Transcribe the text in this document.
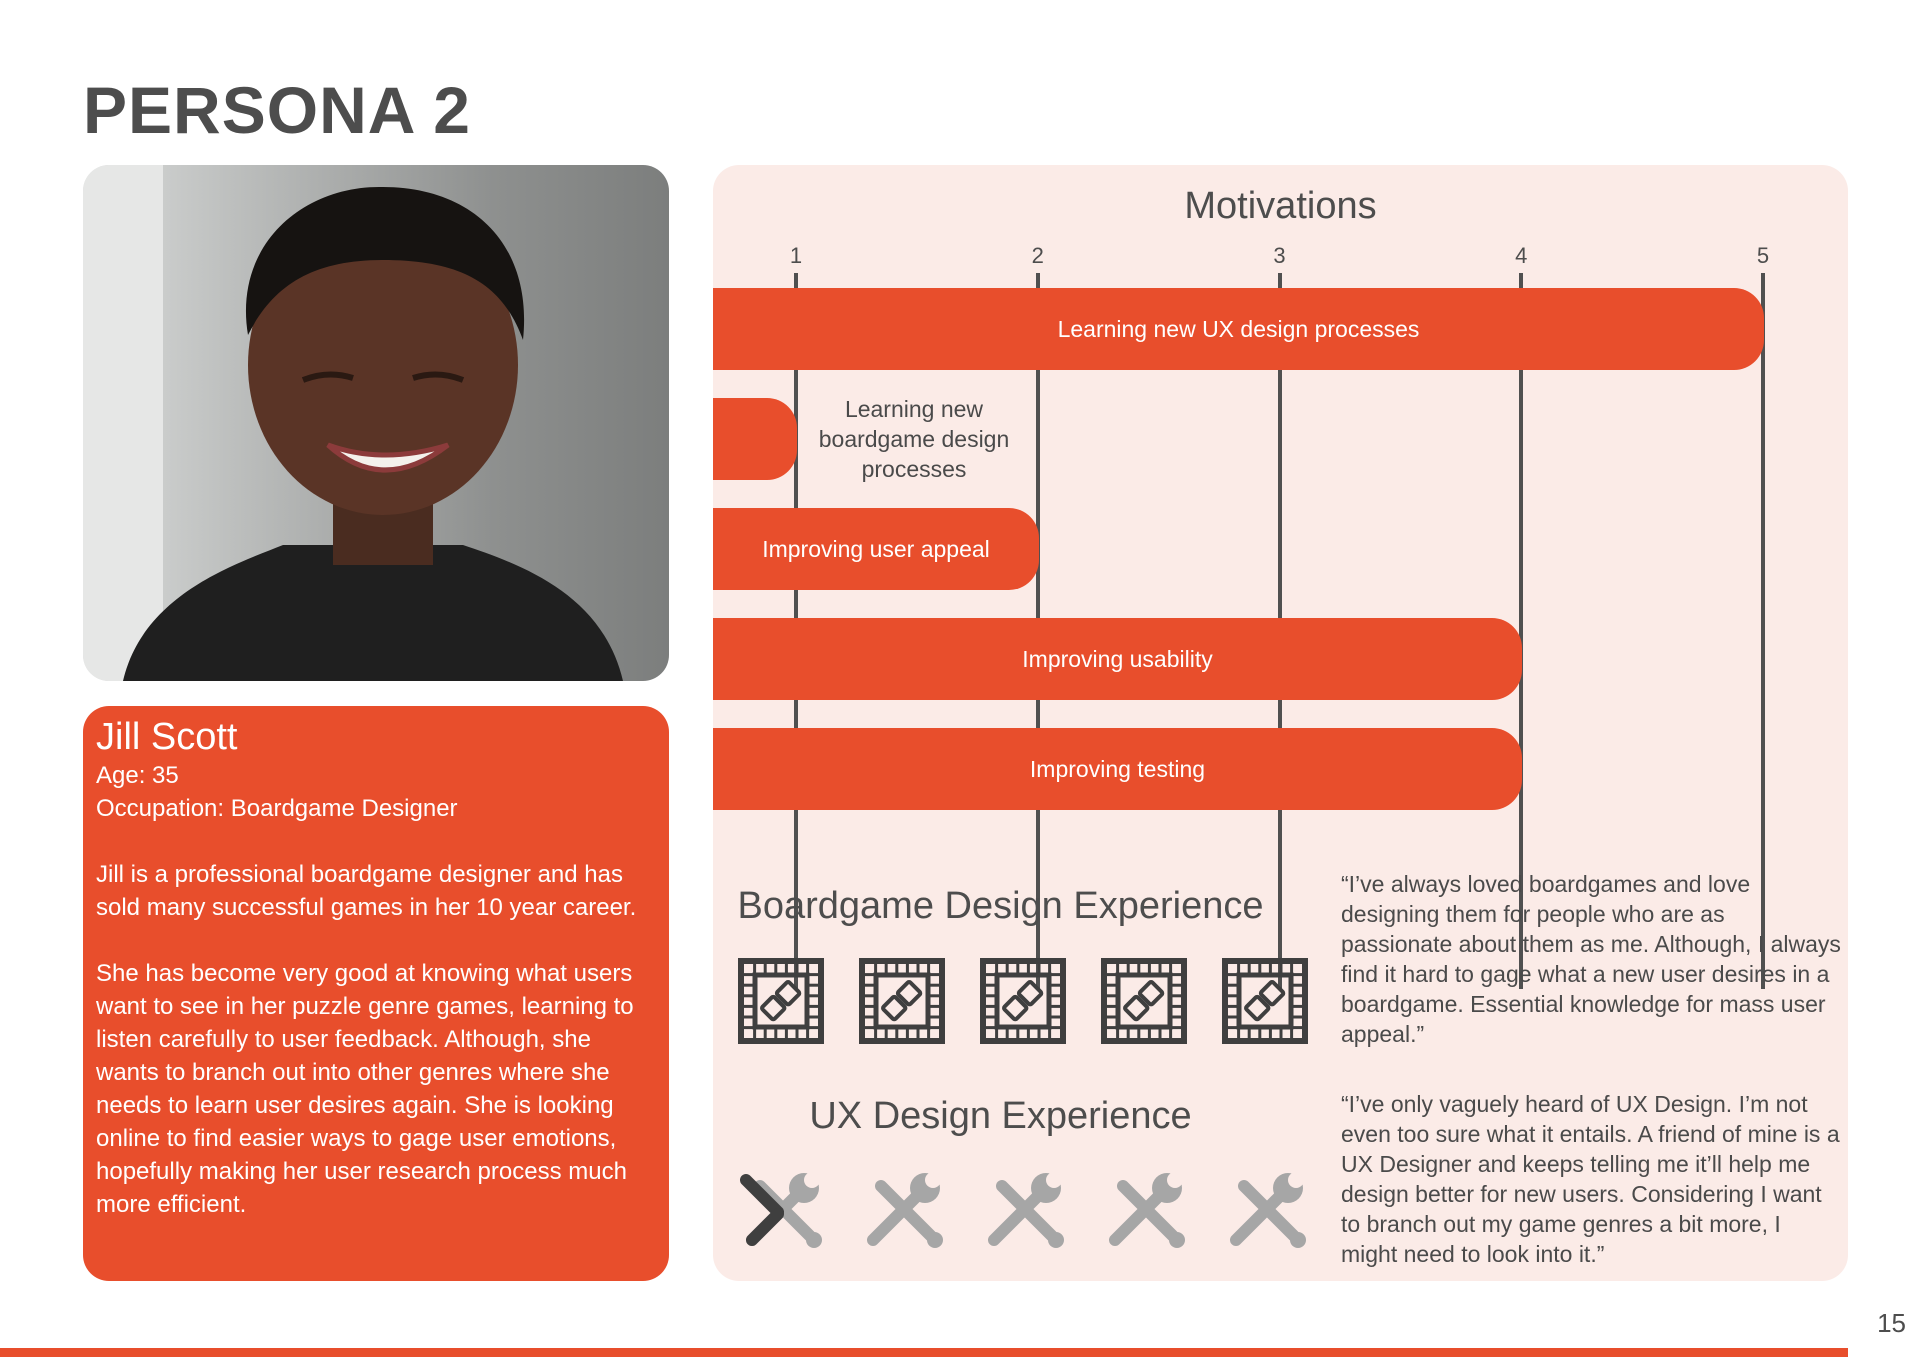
PERSONA 2

Jill Scott

Age: 35

Occupation: Boardgame Designer

Jill is a professional boardgame designer and has sold many successful games in her 10 year career.

She has become very good at knowing what users want to see in her puzzle genre games, learning to listen carefully to user feedback. Although, she wants to branch out into other genres where she needs to learn user desires again. She is looking online to find easier ways to gage user emotions, hopefully making her user research process much more efficient.

Motivations
1	2	3	4	5
Learning new UX design processes
Learning new boardgame design processes
Improving user appeal
Improving usability
Improving testing
Boardgame Design Experience
UX Design Experience
“I’ve always loved boardgames and love designing them for people who are as passionate about them as me. Although, I always find it hard to gage what a new user desires in a boardgame. Essential knowledge for mass user appeal.”
“I’ve only vaguely heard of UX Design. I’m not even too sure what it entails. A friend of mine is a UX Designer and keeps telling me it’ll help me design better for new users. Considering I want to branch out my game genres a bit more, I might need to look into it.”
15
